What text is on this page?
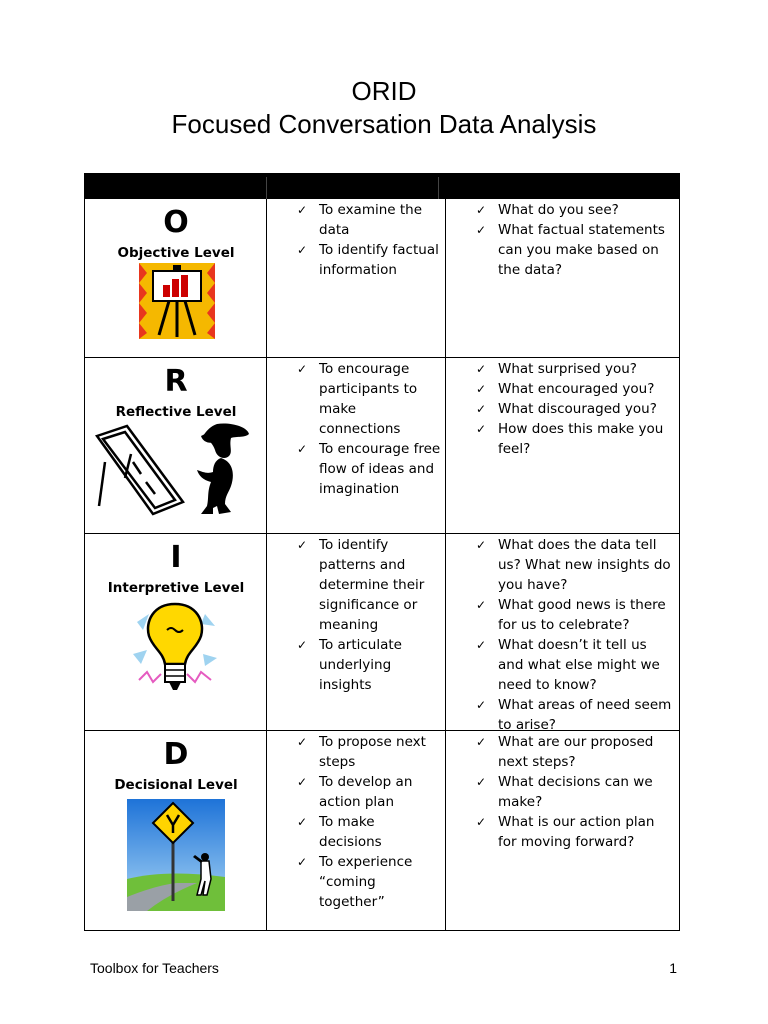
ORID
Focused Conversation Data Analysis
O
Objective Level
✓ To examine the data
✓ To identify factual information
✓ What do you see?
✓ What factual statements can you make based on the data?
R
Reflective Level
✓ To encourage participants to make connections
✓ To encourage free flow of ideas and imagination
✓ What surprised you?
✓ What encouraged you?
✓ What discouraged you?
✓ How does this make you feel?
I
Interpretive Level
✓ To identify patterns and determine their significance or meaning
✓ To articulate underlying insights
✓ What does the data tell us? What new insights do you have?
✓ What good news is there for us to celebrate?
✓ What doesn’t it tell us and what else might we need to know?
✓ What areas of need seem to arise?
D
Decisional Level
✓ To propose next steps
✓ To develop an action plan
✓ To make decisions
✓ To experience “coming together”
✓ What are our proposed next steps?
✓ What decisions can we make?
✓ What is our action plan for moving forward?
Toolbox for Teachers	1
